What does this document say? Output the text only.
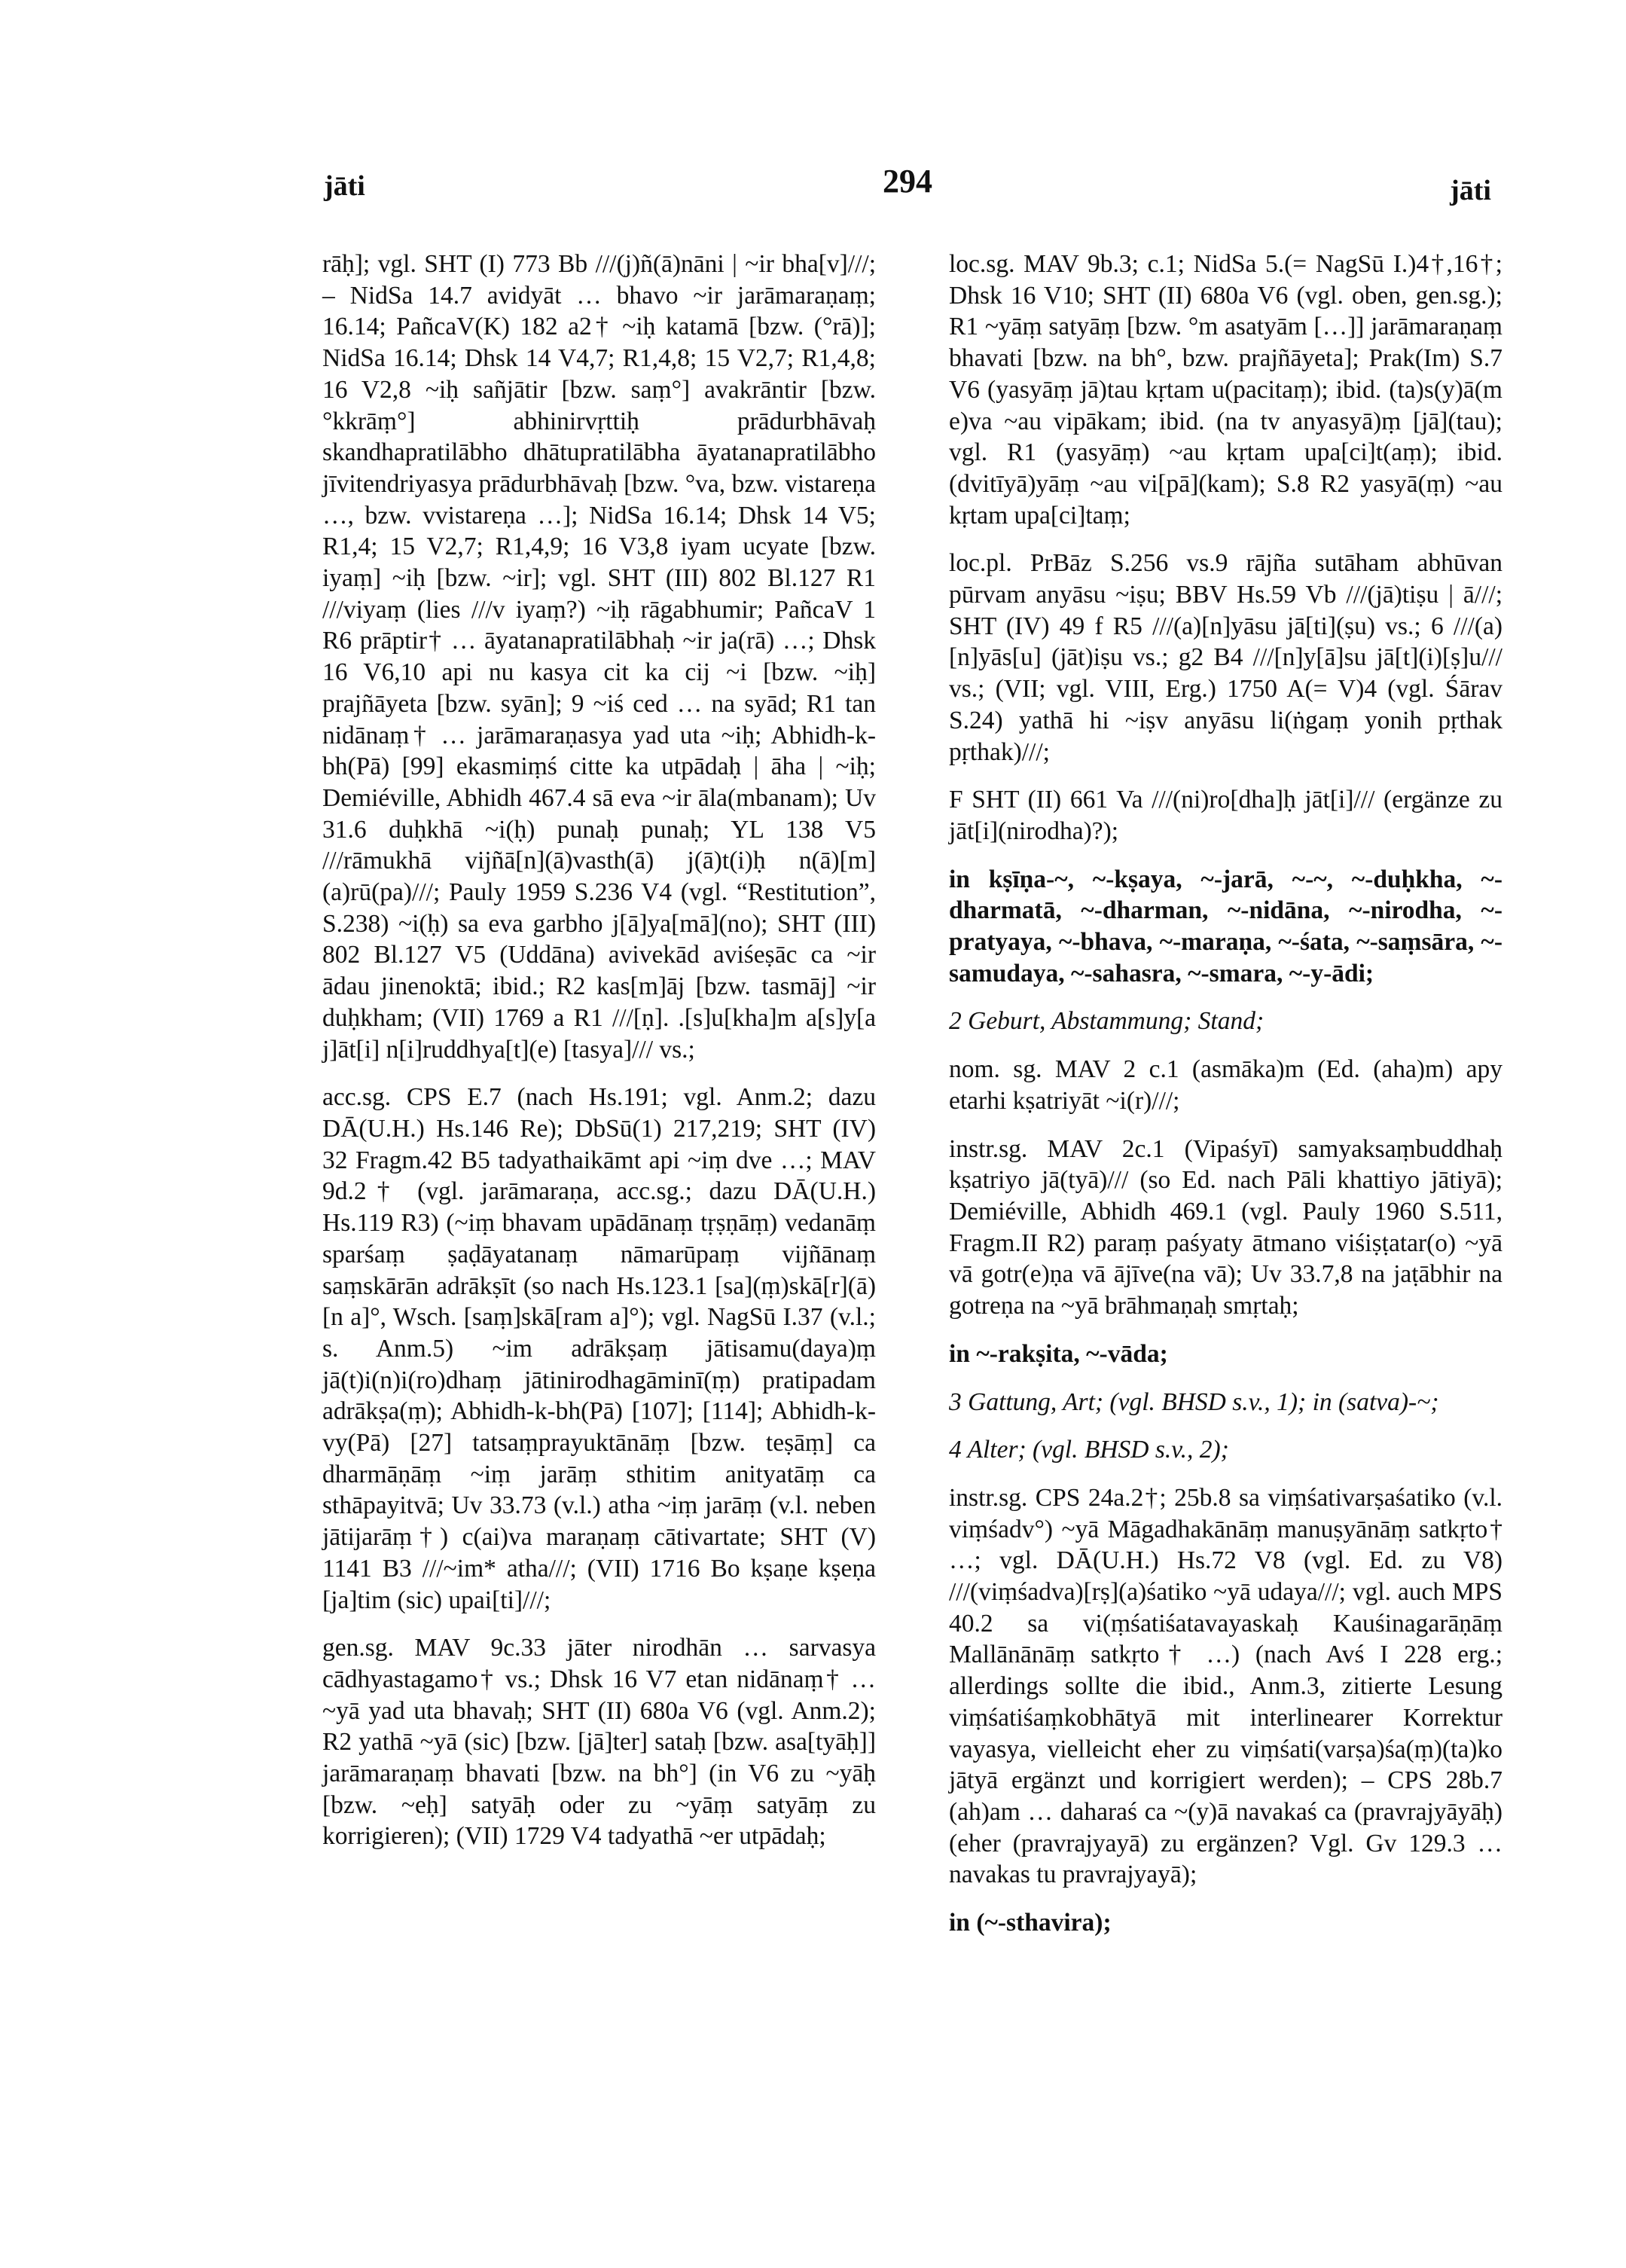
jāti	294	jāti

rāḥ]; vgl. SHT (I) 773 Bb ///(j)ñ(ā)nāni | ~ir bha[v]///; – NidSa 14.7 avidyāt … bhavo ~ir jarāmaraṇaṃ; 16.14; PañcaV(K) 182 a2† ~iḥ katamā [bzw. (°rā)]; NidSa 16.14; Dhsk 14 V4,7; R1,4,8; 15 V2,7; R1,4,8; 16 V2,8 ~iḥ sañjātir [bzw. saṃ°] avakrāntir [bzw. °kkrāṃ°] abhinirvṛttiḥ prādurbhāvaḥ skandhapratilābho dhātupratilābha āyatanapratilābho jīvitendriyasya prādurbhāvaḥ [bzw. °va, bzw. vistareṇa …, bzw. vvistareṇa …]; NidSa 16.14; Dhsk 14 V5; R1,4; 15 V2,7; R1,4,9; 16 V3,8 iyam ucyate [bzw. iyaṃ] ~iḥ [bzw. ~ir]; vgl. SHT (III) 802 Bl.127 R1 ///viyaṃ (lies ///v iyaṃ?) ~iḥ rāgabhumir; PañcaV 1 R6 prāptir† … āyatanapratilābhaḥ ~ir ja(rā) …; Dhsk 16 V6,10 api nu kasya cit ka cij ~i [bzw. ~iḥ] prajñāyeta [bzw. syān]; 9 ~iś ced … na syād; R1 tan nidānaṃ† … jarāmaraṇasya yad uta ~iḥ; Abhidh-k-bh(Pā) [99] ekasmiṃś citte ka utpādaḥ | āha | ~iḥ; Demiéville, Abhidh 467.4 sā eva ~ir āla(mbanam); Uv 31.6 duḥkhā ~i(ḥ) punaḥ punaḥ; YL 138 V5 ///rāmukhā vijñā[n](ā)vasth(ā) j(ā)t(i)ḥ n(ā)[m](a)rū(pa)///; Pauly 1959 S.236 V4 (vgl. “Restitution”, S.238) ~i(ḥ) sa eva garbho j[ā]ya[mā](no); SHT (III) 802 Bl.127 V5 (Uddāna) avivekād aviśeṣāc ca ~ir ādau jinenoktā; ibid.; R2 kas[m]āj [bzw. tasmāj] ~ir duḥkham; (VII) 1769 a R1 ///[ṇ]. .[s]u[kha]m a[s]y[a j]āt[i] n[i]ruddhya[t](e) [tasya]/// vs.;

acc.sg. CPS E.7 (nach Hs.191; vgl. Anm.2; dazu DĀ(U.H.) Hs.146 Re); DbSū(1) 217,219; SHT (IV) 32 Fragm.42 B5 tadyathaikāmt api ~iṃ dve …; MAV 9d.2† (vgl. jarāmaraṇa, acc.sg.; dazu DĀ(U.H.) Hs.119 R3) (~iṃ bhavam upādānaṃ tṛṣṇāṃ) vedanāṃ sparśaṃ ṣaḍāyatanaṃ nāmarūpaṃ vijñānaṃ saṃskārān adrākṣīt (so nach Hs.123.1 [sa](ṃ)skā[r](ā)[n a]°, Wsch. [saṃ]skā[ram a]°); vgl. NagSū I.37 (v.l.; s. Anm.5) ~im adrākṣaṃ jātisamu(daya)ṃ jā(t)i(n)i(ro)dhaṃ jātinirodhagāminī(ṃ) pratipadam adrākṣa(ṃ); Abhidh-k-bh(Pā) [107]; [114]; Abhidh-k-vy(Pā) [27] tatsaṃprayuktānāṃ [bzw. teṣāṃ] ca dharmāṇāṃ ~iṃ jarāṃ sthitim anityatāṃ ca sthāpayitvā; Uv 33.73 (v.l.) atha ~iṃ jarāṃ (v.l. neben jātijarāṃ†) c(ai)va maraṇaṃ cātivartate; SHT (V) 1141 B3 ///~im* atha///; (VII) 1716 Bo kṣaṇe kṣeṇa [ja]tim (sic) upai[ti]///;

gen.sg. MAV 9c.33 jāter nirodhān … sarvasya cādhyastagamo† vs.; Dhsk 16 V7 etan nidānaṃ† … ~yā yad uta bhavaḥ; SHT (II) 680a V6 (vgl. Anm.2); R2 yathā ~yā (sic) [bzw. [jā]ter] sataḥ [bzw. asa[tyāḥ]] jarāmaraṇaṃ bhavati [bzw. na bh°] (in V6 zu ~yāḥ [bzw. ~eḥ] satyāḥ oder zu ~yāṃ satyāṃ zu korrigieren); (VII) 1729 V4 tadyathā ~er utpādaḥ;

loc.sg. MAV 9b.3; c.1; NidSa 5.(= NagSū I.)4†,16†; Dhsk 16 V10; SHT (II) 680a V6 (vgl. oben, gen.sg.); R1 ~yāṃ satyāṃ [bzw. °m asatyām […]] jarāmaraṇaṃ bhavati [bzw. na bh°, bzw. prajñāyeta]; Prak(Im) S.7 V6 (yasyāṃ jā)tau kṛtam u(pacitaṃ); ibid. (ta)s(y)ā(m e)va ~au vipākam; ibid. (na tv anyasyā)ṃ [jā](tau); vgl. R1 (yasyāṃ) ~au kṛtam upa[ci]t(aṃ); ibid. (dvitīyā)yāṃ ~au vi[pā](kam); S.8 R2 yasyā(ṃ) ~au kṛtam upa[ci]taṃ;

loc.pl. PrBāz S.256 vs.9 rājña sutāham abhūvan pūrvam anyāsu ~iṣu; BBV Hs.59 Vb ///(jā)tiṣu | ā///; SHT (IV) 49 f R5 ///(a)[n]yāsu jā[ti](ṣu) vs.; 6 ///(a)[n]yās[u] (jāt)iṣu vs.; g2 B4 ///[n]y[ā]su jā[t](i)[ṣ]u/// vs.; (VII; vgl. VIII, Erg.) 1750 A(= V)4 (vgl. Śārav S.24) yathā hi ~iṣv anyāsu li(ṅgaṃ yonih pṛthak pṛthak)///;

F SHT (II) 661 Va ///(ni)ro[dha]ḥ jāt[i]/// (ergänze zu jāt[i](nirodha)?);

in kṣīṇa-~, ~-kṣaya, ~-jarā, ~-~, ~-duḥkha, ~-dharmatā, ~-dharman, ~-nidāna, ~-nirodha, ~-pratyaya, ~-bhava, ~-maraṇa, ~-śata, ~-saṃsāra, ~-samudaya, ~-sahasra, ~-smara, ~-y-ādi;

2 Geburt, Abstammung; Stand;

nom. sg. MAV 2 c.1 (asmāka)m (Ed. (aha)m) apy etarhi kṣatriyāt ~i(r)///;

instr.sg. MAV 2c.1 (Vipaśyī) samyaksaṃbuddhaḥ kṣatriyo jā(tyā)/// (so Ed. nach Pāli khattiyo jātiyā); Demiéville, Abhidh 469.1 (vgl. Pauly 1960 S.511, Fragm.II R2) paraṃ paśyaty ātmano viśiṣṭatar(o) ~yā vā gotr(e)ṇa vā ājīve(na vā); Uv 33.7,8 na jaṭābhir na gotreṇa na ~yā brāhmaṇaḥ smṛtaḥ;

in ~-rakṣita, ~-vāda;

3 Gattung, Art; (vgl. BHSD s.v., 1); in (satva)-~;

4 Alter; (vgl. BHSD s.v., 2);

instr.sg. CPS 24a.2†; 25b.8 sa viṃśativarṣaśatiko (v.l. viṃśadv°) ~yā Māgadhakānāṃ manuṣyānāṃ satkṛto† …; vgl. DĀ(U.H.) Hs.72 V8 (vgl. Ed. zu V8) ///(viṃśadva)[rṣ](a)śatiko ~yā udaya///; vgl. auch MPS 40.2 sa vi(ṃśatiśatavayaskaḥ Kauśinagarāṇāṃ Mallānānāṃ satkṛto† …) (nach Avś I 228 erg.; allerdings sollte die ibid., Anm.3, zitierte Lesung viṃśatiśaṃkobhātyā mit interlinearer Korrektur vayasya, vielleicht eher zu viṃśati(varṣa)śa(ṃ)(ta)ko jātyā ergänzt und korrigiert werden); – CPS 28b.7 (ah)am … daharaś ca ~(y)ā navakaś ca (pravrajyāyāḥ) (eher (pravrajyayā) zu ergänzen? Vgl. Gv 129.3 … navakas tu pravrajyayā);

in (~-sthavira);
